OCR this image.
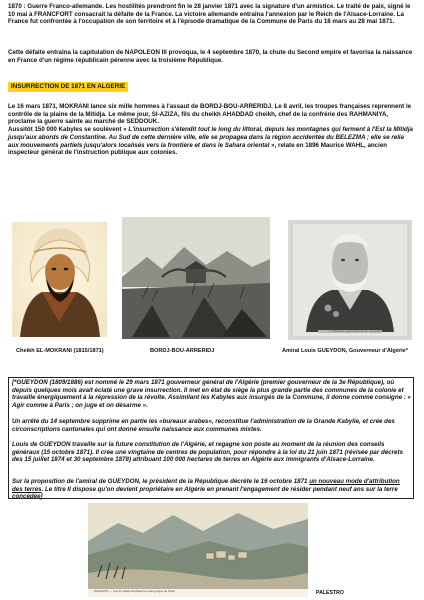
1870 : Guerre Franco-allemande. Les hostilités prendront fin le 28 janvier 1871 avec la signature d'un armistice. Le traité de paix, signé le 10 mai à FRANCFORT consacrait la défaite de la France. La victoire allemande entraîna l'annexion par le Reich de l'Alsace-Lorraine. La France fut confrontée à l'occupation de son territoire et à l'épisode dramatique de la Commune de Paris du 18 mars au 28 mai 1871.

Cette défaite entraîna la capitulation de NAPOLEON III provoqua, le 4 septembre 1870, la chute du Second empire et favorisa la naissance en France d'un régime républicain pérenne avec la troisième République.

INSURRECTION DE 1871 EN ALGERIE

Le 16 mars 1871, MOKRANI lance six mille hommes à l'assaut de BORDJ-BOU-ARRERIDJ. Le 8 avril, les troupes françaises reprennent le contrôle de la plaine de la Mitidja. Le même jour, SI-AZIZA, fils du cheikh AHADDAD cheikh, chef de la confrérie des RAHMANIYA, proclame la guerre sainte au marché de SEDDOUK.
Aussitôt 150 000 Kabyles se soulèvent « L'insurrection s'étendit tout le long du littoral, depuis les montagnes qui ferment à l'Est la Mitidja jusqu'aux abords de Constantine. Au Sud de cette dernière ville, elle se propagea dans la région accidentée du BELEZMA ; elle se relia aux mouvements partiels jusqu'alors localisés vers la frontière et dans le Sahara oriental », relate en 1896 Maurice WAHL, ancien inspecteur général de l'instruction publique aux colonies.

© collection particulière de M. Gueydon
Cheikh EL-MOKRANI (1815/1871)	BORDJ-BOU-ARRERIDJ	Amiral Louis GUEYDON, Gouverneur d'Algérie*

[*GUEYDON (1809/1886) est nommé le 29 mars 1871 gouverneur général de l'Algérie (premier gouverneur de la 3e République), où depuis quelques mois avait éclaté une grave insurrection. Il met en état de siège la plus grande partie des communes de la colonie et travaille énergiquement à la répression de la révolte. Assimilant les Kabyles aux insurgés de la Commune, il donne comme consigne : « Agir comme à Paris ; on juge et on désarme ».

Un arrêté du 14 septembre supprime en partie les «bureaux arabes», reconstitue l'administration de la Grande Kabylie, et crée des circonscriptions cantonales qui ont donné ensuite naissance aux communes mixtes.

Louis de GUEYDON travaille sur la future constitution de l'Algérie, et regagne son poste au moment de la réunion des conseils généraux (15 octobre 1871). Il crée une vingtaine de centres de population, pour répondre à la loi du 21 juin 1871 (révisée par décrets des 15 juillet 1874 et 30 septembre 1878) attribuant 100 000 hectares de terres en Algérie aux immigrants d'Alsace-Lorraine.

Sur la proposition de l'amiral de GUEYDON, le président de la République décrète le 16 octobre 1871 un nouveau mode d'attribution des terres. Le titre II dispose qu'on devient propriétaire en Algérie en prenant l'engagement de résider pendant neuf ans sur la terre concédée]

PALESTRO — Vue du village de Palestro et des gorges de l'Isser	PALESTRO
